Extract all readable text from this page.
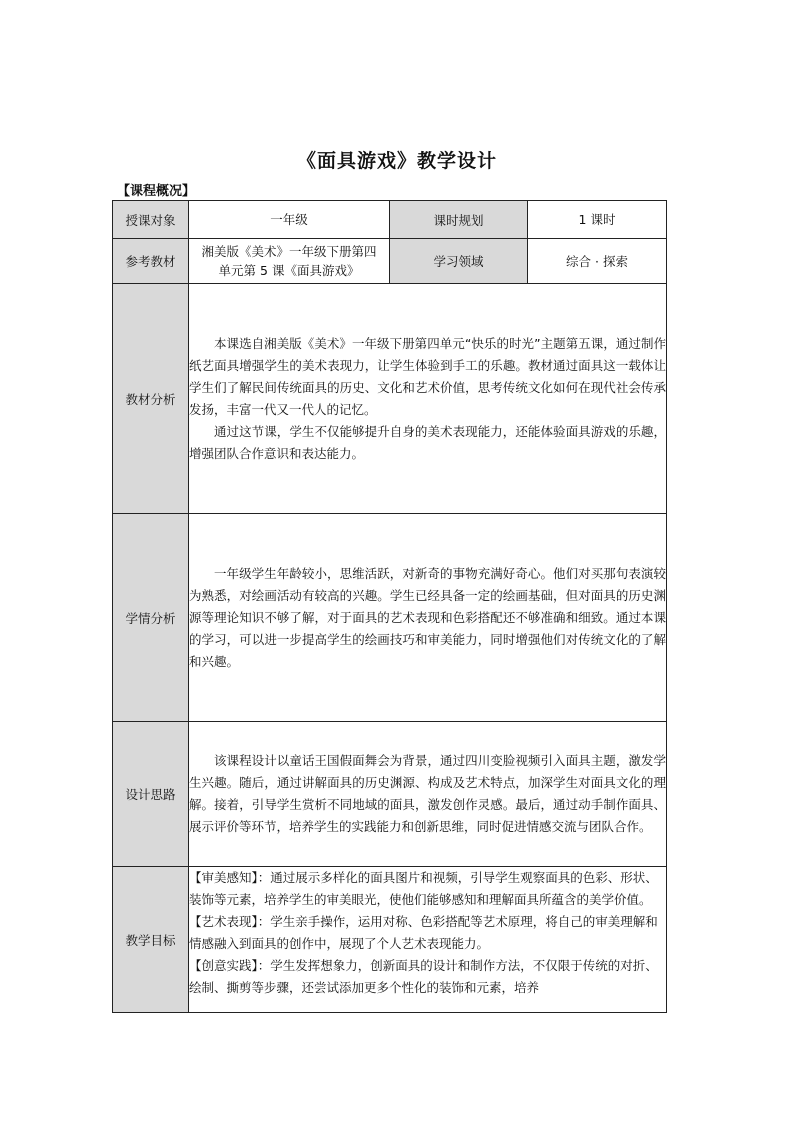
《面具游戏》教学设计
【课程概况】
授课对象	一年级	课时规划	1 课时
参考教材	湘美版《美术》一年级下册第四单元第 5 课《面具游戏》	学习领域	综合 · 探索
教材分析	本课选自湘美版《美术》一年级下册第四单元“快乐的时光”主题第五课，通过制作纸艺面具增强学生的美术表现力，让学生体验到手工的乐趣。教材通过面具这一载体让学生们了解民间传统面具的历史、文化和艺术价值，思考传统文化如何在现代社会传承发扬，丰富一代又一代人的记忆。

通过这节课，学生不仅能够提升自身的美术表现能力，还能体验面具游戏的乐趣，增强团队合作意识和表达能力。		

学情分析	一年级学生年龄较小，思维活跃，对新奇的事物充满好奇心。他们对买那句表演较为熟悉，对绘画活动有较高的兴趣。学生已经具备一定的绘画基础，但对面具的历史渊源等理论知识不够了解，对于面具的艺术表现和色彩搭配还不够准确和细致。通过本课的学习，可以进一步提高学生的绘画技巧和审美能力，同时增强他们对传统文化的了解和兴趣。		

设计思路	该课程设计以童话王国假面舞会为背景，通过四川变脸视频引入面具主题，激发学生兴趣。随后，通过讲解面具的历史渊源、构成及艺术特点，加深学生对面具文化的理解。接着，引导学生赏析不同地域的面具，激发创作灵感。最后，通过动手制作面具、展示评价等环节，培养学生的实践能力和创新思维，同时促进情感交流与团队合作。		

教学目标	【审美感知】：通过展示多样化的面具图片和视频，引导学生观察面具的色彩、形状、装饰等元素，培养学生的审美眼光，使他们能够感知和理解面具所蕴含的美学价值。

【艺术表现】：学生亲手操作，运用对称、色彩搭配等艺术原理，将自己的审美理解和情感融入到面具的创作中，展现了个人艺术表现能力。

【创意实践】：学生发挥想象力，创新面具的设计和制作方法，不仅限于传统的对折、绘制、撕剪等步骤，还尝试添加更多个性化的装饰和元素，培养		
